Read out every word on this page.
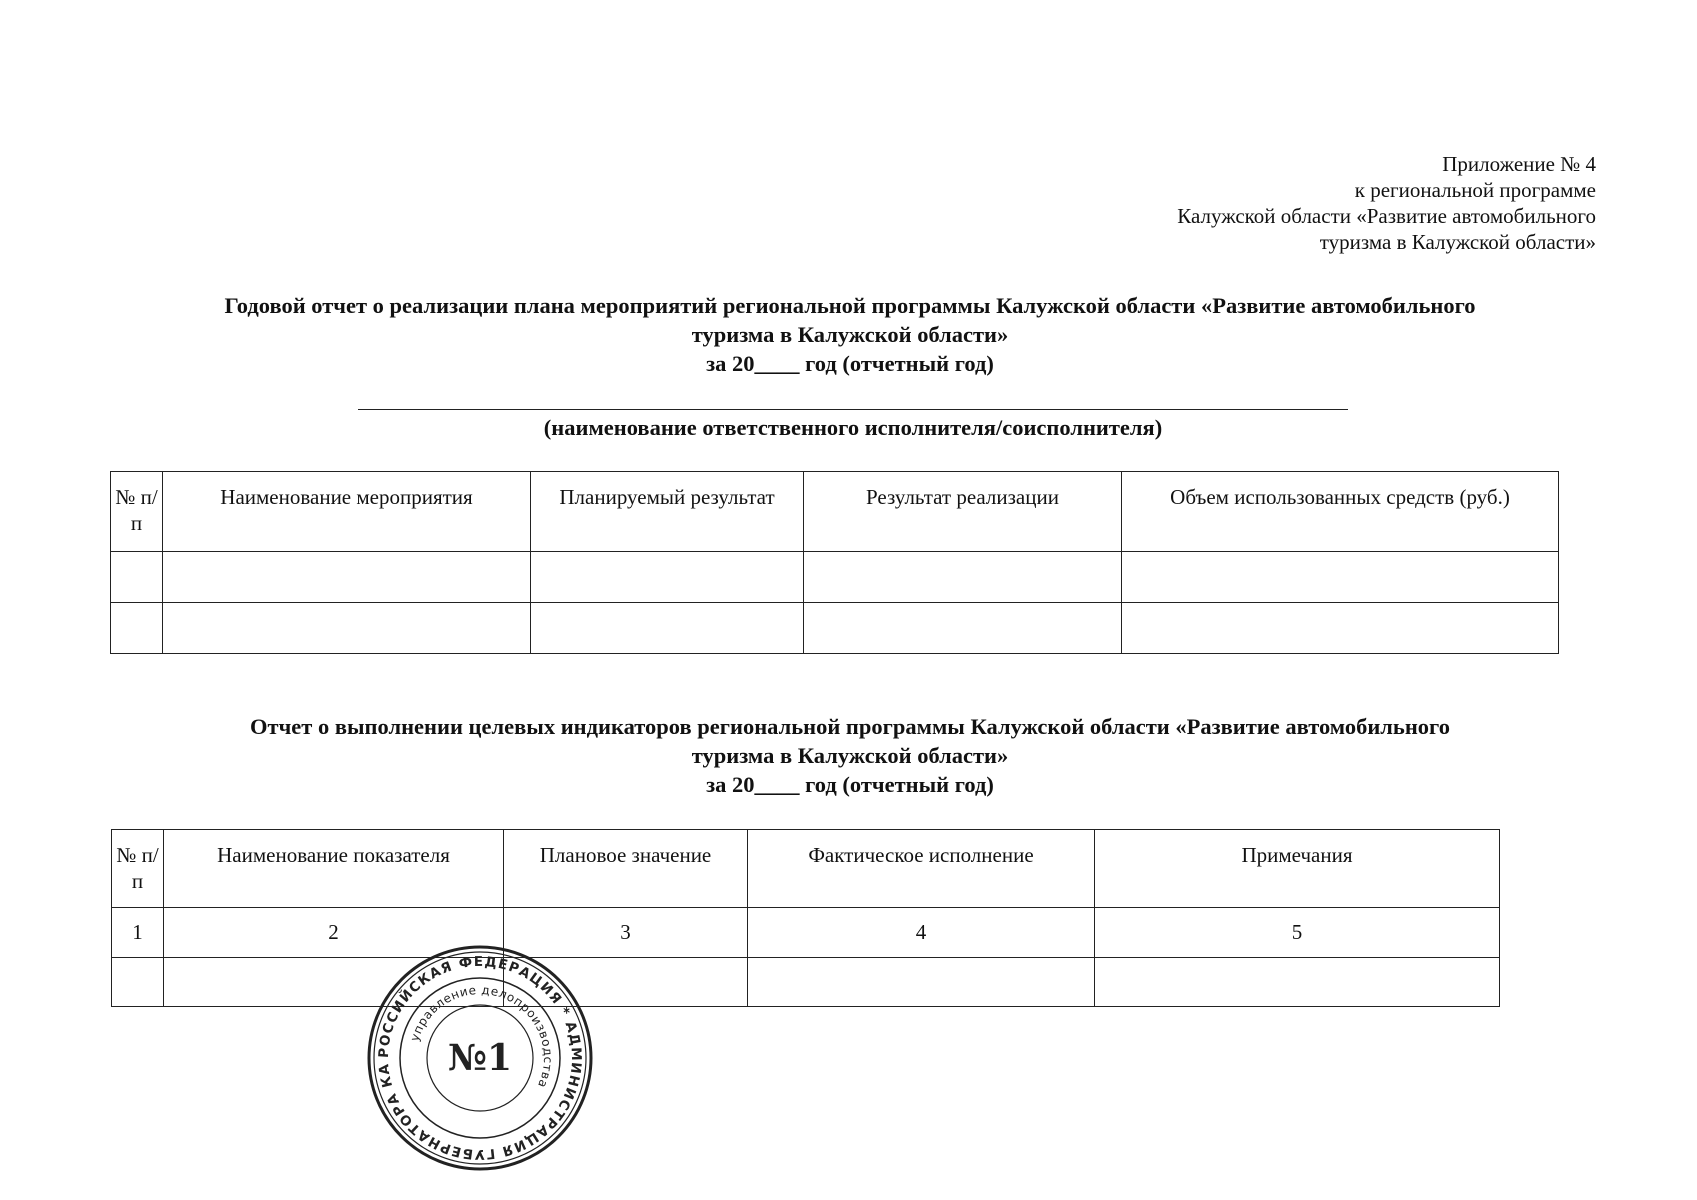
Приложение № 4
к региональной программе
Калужской области «Развитие автомобильного
туризма в Калужской области»
Годовой отчет о реализации плана мероприятий региональной программы Калужской области «Развитие автомобильного
туризма в Калужской области»
за 20____ год (отчетный год)
(наименование ответственного исполнителя/соисполнителя)
№ п/п	Наименование мероприятия	Планируемый результат	Результат реализации	Объем использованных средств (руб.)

Отчет о выполнении целевых индикаторов региональной программы Калужской области «Развитие автомобильного
туризма в Калужской области»
за 20____ год (отчетный год)
№ п/п	Наименование показателя	Плановое значение	Фактическое исполнение	Примечания
1	2	3	4	5

РОССИЙСКАЯ ФЕДЕРАЦИЯ * АДМИНИСТРАЦИЯ ГУБЕРНАТОРА КА
управление делопроизводства
№1
